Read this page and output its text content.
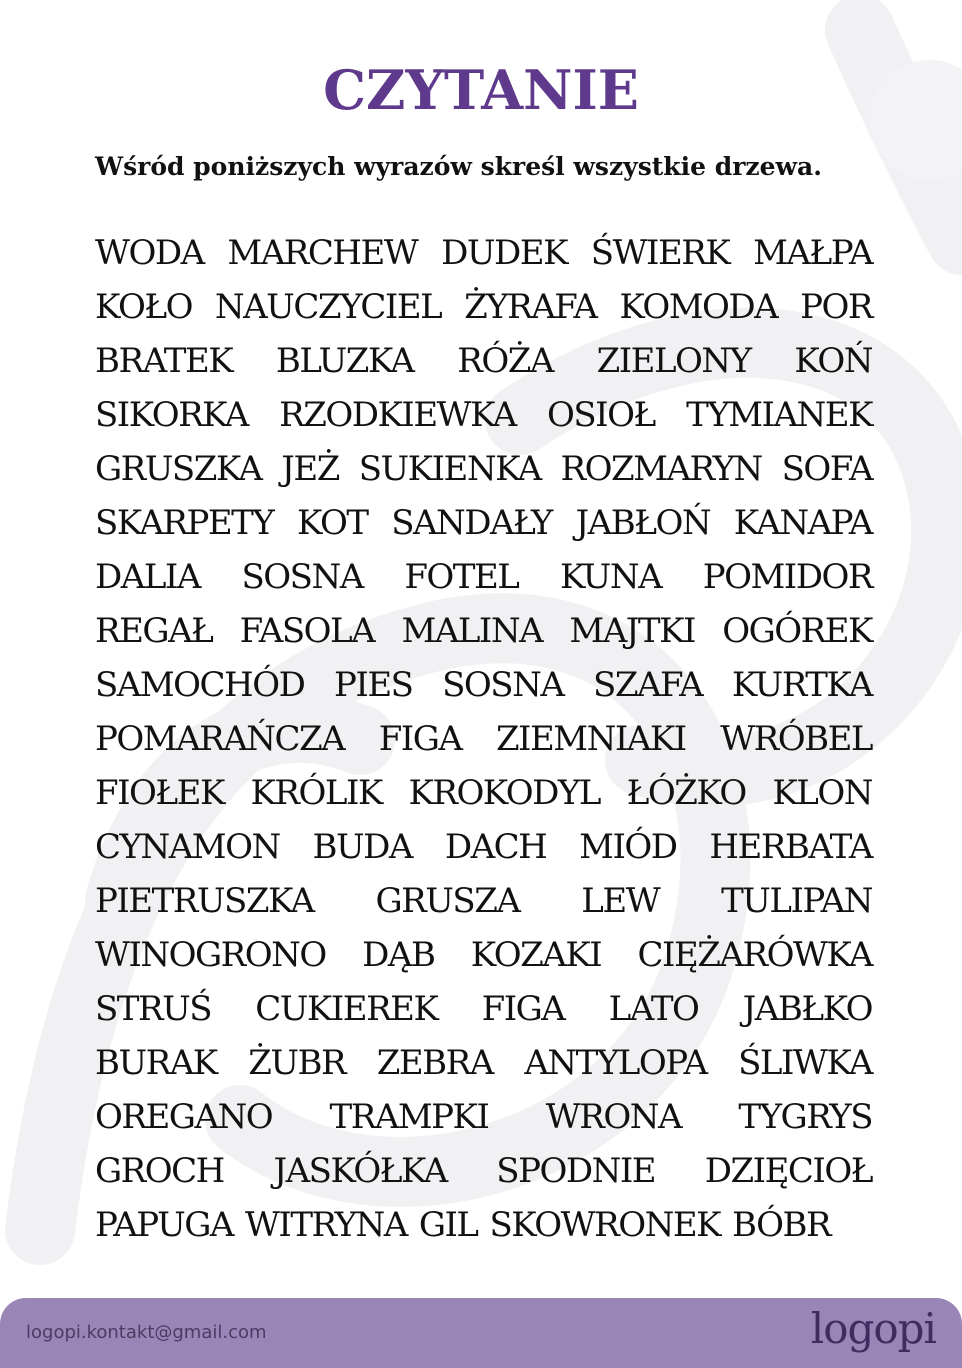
CZYTANIE

Wśród poniższych wyrazów skreśl wszystkie drzewa.

WODA MARCHEW DUDEK ŚWIERK MAŁPA
KOŁO NAUCZYCIEL ŻYRAFA KOMODA POR
BRATEK BLUZKA RÓŻA ZIELONY KOŃ
SIKORKA RZODKIEWKA OSIOŁ TYMIANEK
GRUSZKA JEŻ SUKIENKA ROZMARYN SOFA
SKARPETY KOT SANDAŁY JABŁOŃ KANAPA
DALIA SOSNA FOTEL KUNA POMIDOR
REGAŁ FASOLA MALINA MAJTKI OGÓREK
SAMOCHÓD PIES SOSNA SZAFA KURTKA
POMARAŃCZA FIGA ZIEMNIAKI WRÓBEL
FIOŁEK KRÓLIK KROKODYL ŁÓŻKO KLON
CYNAMON BUDA DACH MIÓD HERBATA
PIETRUSZKA GRUSZA LEW TULIPAN
WINOGRONO DĄB KOZAKI CIĘŻARÓWKA
STRUŚ CUKIEREK FIGA LATO JABŁKO
BURAK ŻUBR ZEBRA ANTYLOPA ŚLIWKA
OREGANO TRAMPKI WRONA TYGRYS
GROCH JASKÓŁKA SPODNIE DZIĘCIOŁ
PAPUGA WITRYNA GIL SKOWRONEK BÓBR
logopi.kontakt@gmail.com	logopi
